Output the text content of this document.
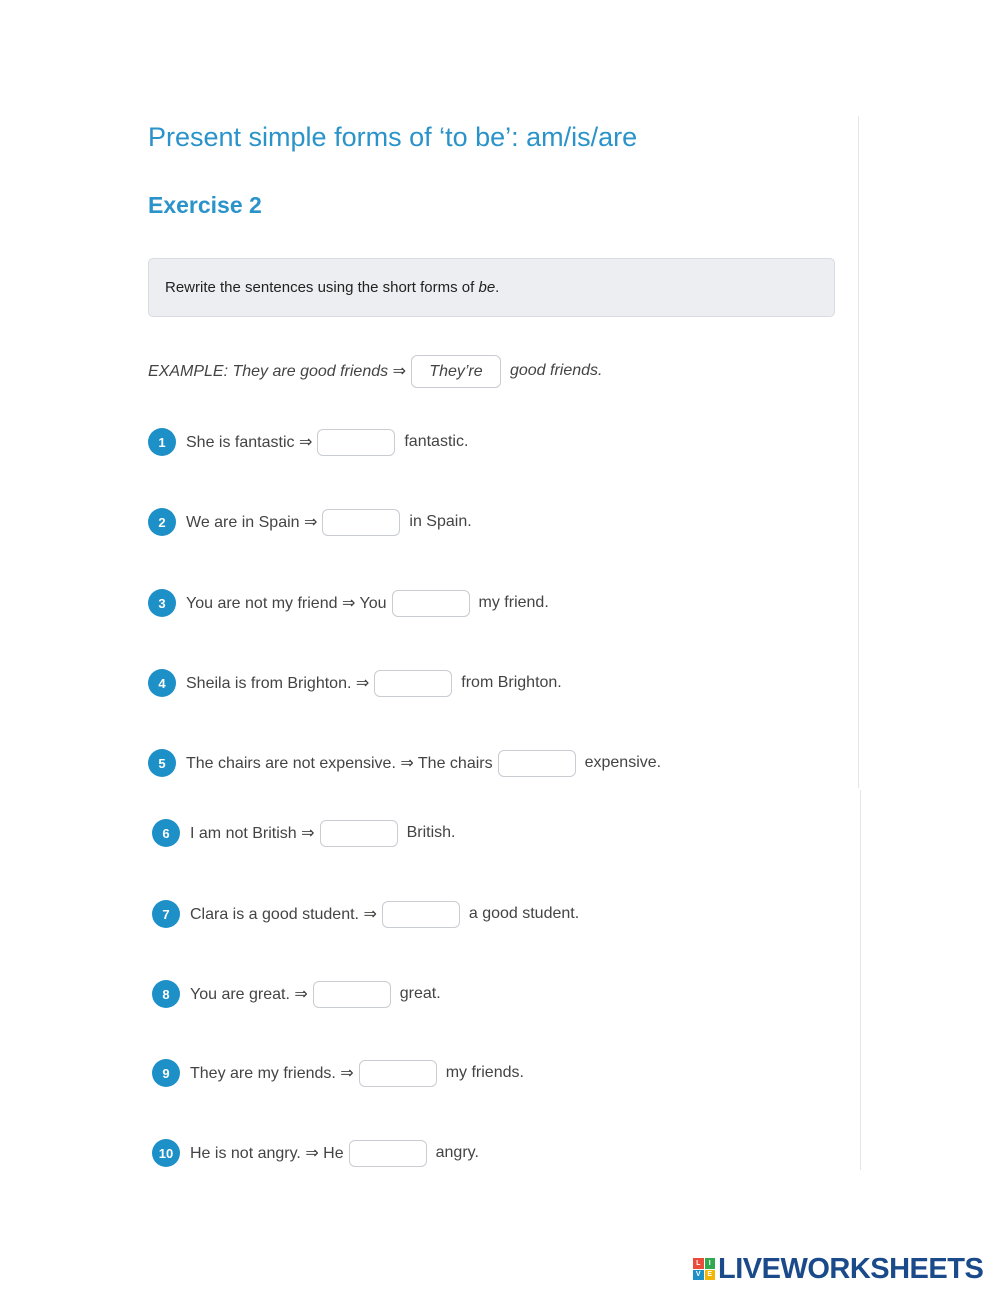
Present simple forms of ‘to be’: am/is/are
Exercise 2
Rewrite the sentences using the short forms of be.
EXAMPLE: They are good friends ⇒	They’re	good friends.
1	She is fantastic ⇒	fantastic.
2	We are in Spain ⇒	in Spain.
3	You are not my friend ⇒ You	my friend.
4	Sheila is from Brighton. ⇒	from Brighton.
5	The chairs are not expensive. ⇒ The chairs	expensive.
6	I am not British ⇒	British.
7	Clara is a good student. ⇒	a good student.
8	You are great. ⇒	great.
9	They are my friends. ⇒	my friends.
10	He is not angry. ⇒ He	angry.
L	I
V E LIVEWORKSHEETS
